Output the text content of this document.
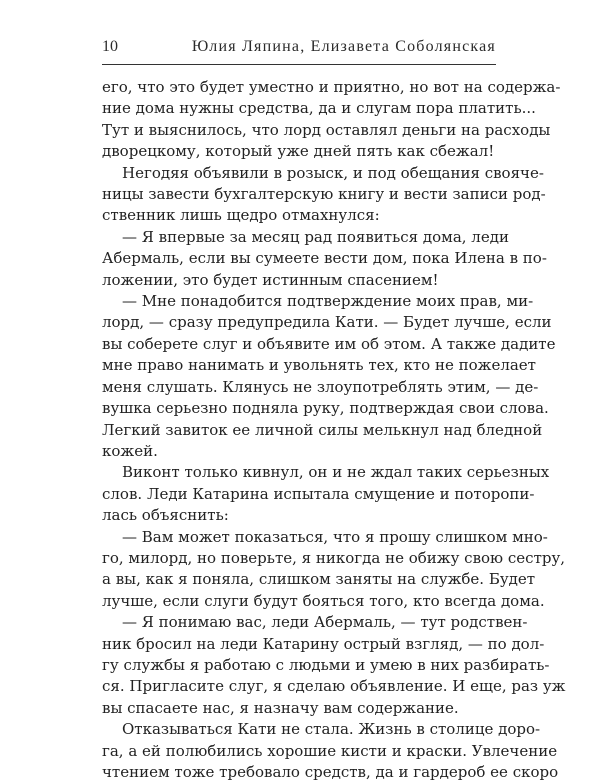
10	Юлия Ляпина, Елизавета Соболянская
его, что это будет уместно и приятно, но вот на содержа-
ние дома нужны средства, да и слугам пора платить...
Тут и выяснилось, что лорд оставлял деньги на расходы
дворецкому, который уже дней пять как сбежал!
Негодяя объявили в розыск, и под обещания своячe-
ницы завести бухгалтерскую книгу и вести записи род-
ственник лишь щедро отмахнулся:
— Я впервые за месяц рад появиться дома, леди
Абермаль, если вы сумеете вести дом, пока Илена в по-
ложении, это будет истинным спасением!
— Мне понадобится подтверждение моих прав, ми-
лорд, — сразу предупредила Кати. — Будет лучше, если
вы соберете слуг и объявите им об этом. А также дадите
мне право нанимать и увольнять тех, кто не пожелает
меня слушать. Клянусь не злоупотреблять этим, — де-
вушка серьезно подняла руку, подтверждая свои слова.
Легкий завиток ее личной силы мелькнул над бледной
кожей.
Виконт только кивнул, он и не ждал таких серьезных
слов. Леди Катарина испытала смущение и потoропи-
лась объяснить:
— Вам может показаться, что я прошу слишком мно-
го, милорд, но поверьте, я никогда не обижу свою сестру,
а вы, как я поняла, слишком заняты на службе. Будет
лучше, если слуги будут бояться того, кто всегда дома.
— Я понимаю вас, леди Абермаль, — тут родствен-
ник бросил на леди Катарину острый взгляд, — по дол-
гу службы я работаю с людьми и умею в них разбирать-
ся. Пригласите слуг, я сделаю объявление. И еще, раз уж
вы спасаете нас, я назначу вам содержание.
Отказываться Кати не стала. Жизнь в столице доро-
га, а ей полюбились хорошие кисти и краски. Увлечение
чтением тоже требовало средств, да и гардероб ее скоро
